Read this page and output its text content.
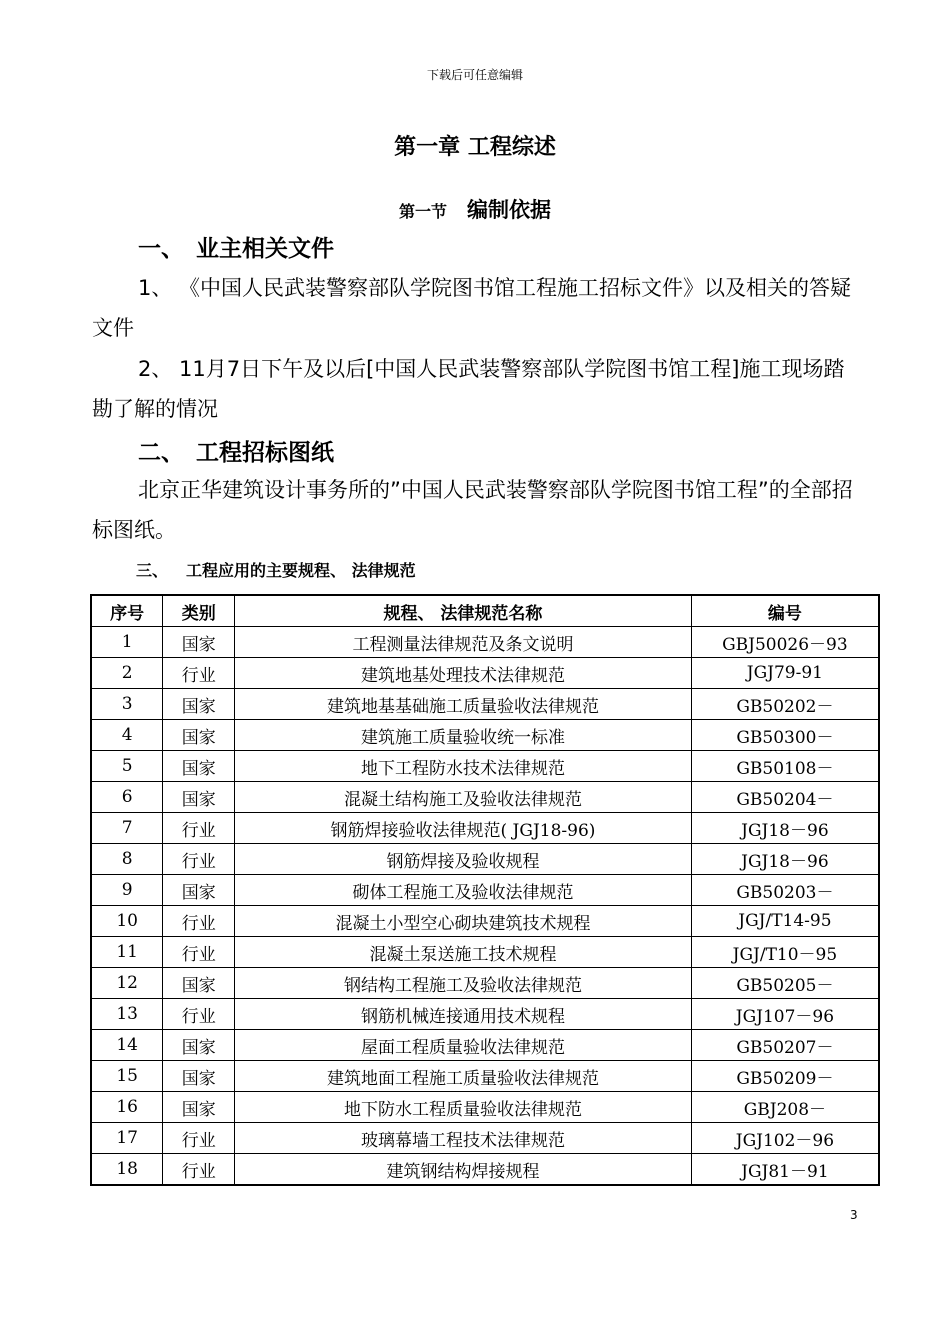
下载后可任意编辑
第一章 工程综述
第一节 编制依据
一、 业主相关文件
1、 《中国人民武装警察部队学院图书馆工程施工招标文件》以及相关的答疑文件
2、 11月7日下午及以后[中国人民武装警察部队学院图书馆工程]施工现场踏勘了解的情况
二、 工程招标图纸
北京正华建筑设计事务所的”中国人民武装警察部队学院图书馆工程”的全部招标图纸。
三、 工程应用的主要规程、 法律规范
序号	类别	规程、 法律规范名称	编号
1	国家	工程测量法律规范及条文说明	GBJ50026－93
2	行业	建筑地基处理技术法律规范	JGJ79-91
3	国家	建筑地基基础施工质量验收法律规范	GB50202－
4	国家	建筑施工质量验收统一标准	GB50300－
5	国家	地下工程防水技术法律规范	GB50108－
6	国家	混凝土结构施工及验收法律规范	GB50204－
7	行业	钢筋焊接验收法律规范( JGJ18-96)	JGJ18－96
8	行业	钢筋焊接及验收规程	JGJ18－96
9	国家	砌体工程施工及验收法律规范	GB50203－
10	行业	混凝土小型空心砌块建筑技术规程	JGJ/T14-95
11	行业	混凝土泵送施工技术规程	JGJ/T10－95
12	国家	钢结构工程施工及验收法律规范	GB50205－
13	行业	钢筋机械连接通用技术规程	JGJ107－96
14	国家	屋面工程质量验收法律规范	GB50207－
15	国家	建筑地面工程施工质量验收法律规范	GB50209－
16	国家	地下防水工程质量验收法律规范	GBJ208－
17	行业	玻璃幕墙工程技术法律规范	JGJ102－96
18	行业	建筑钢结构焊接规程	JGJ81－91
3
